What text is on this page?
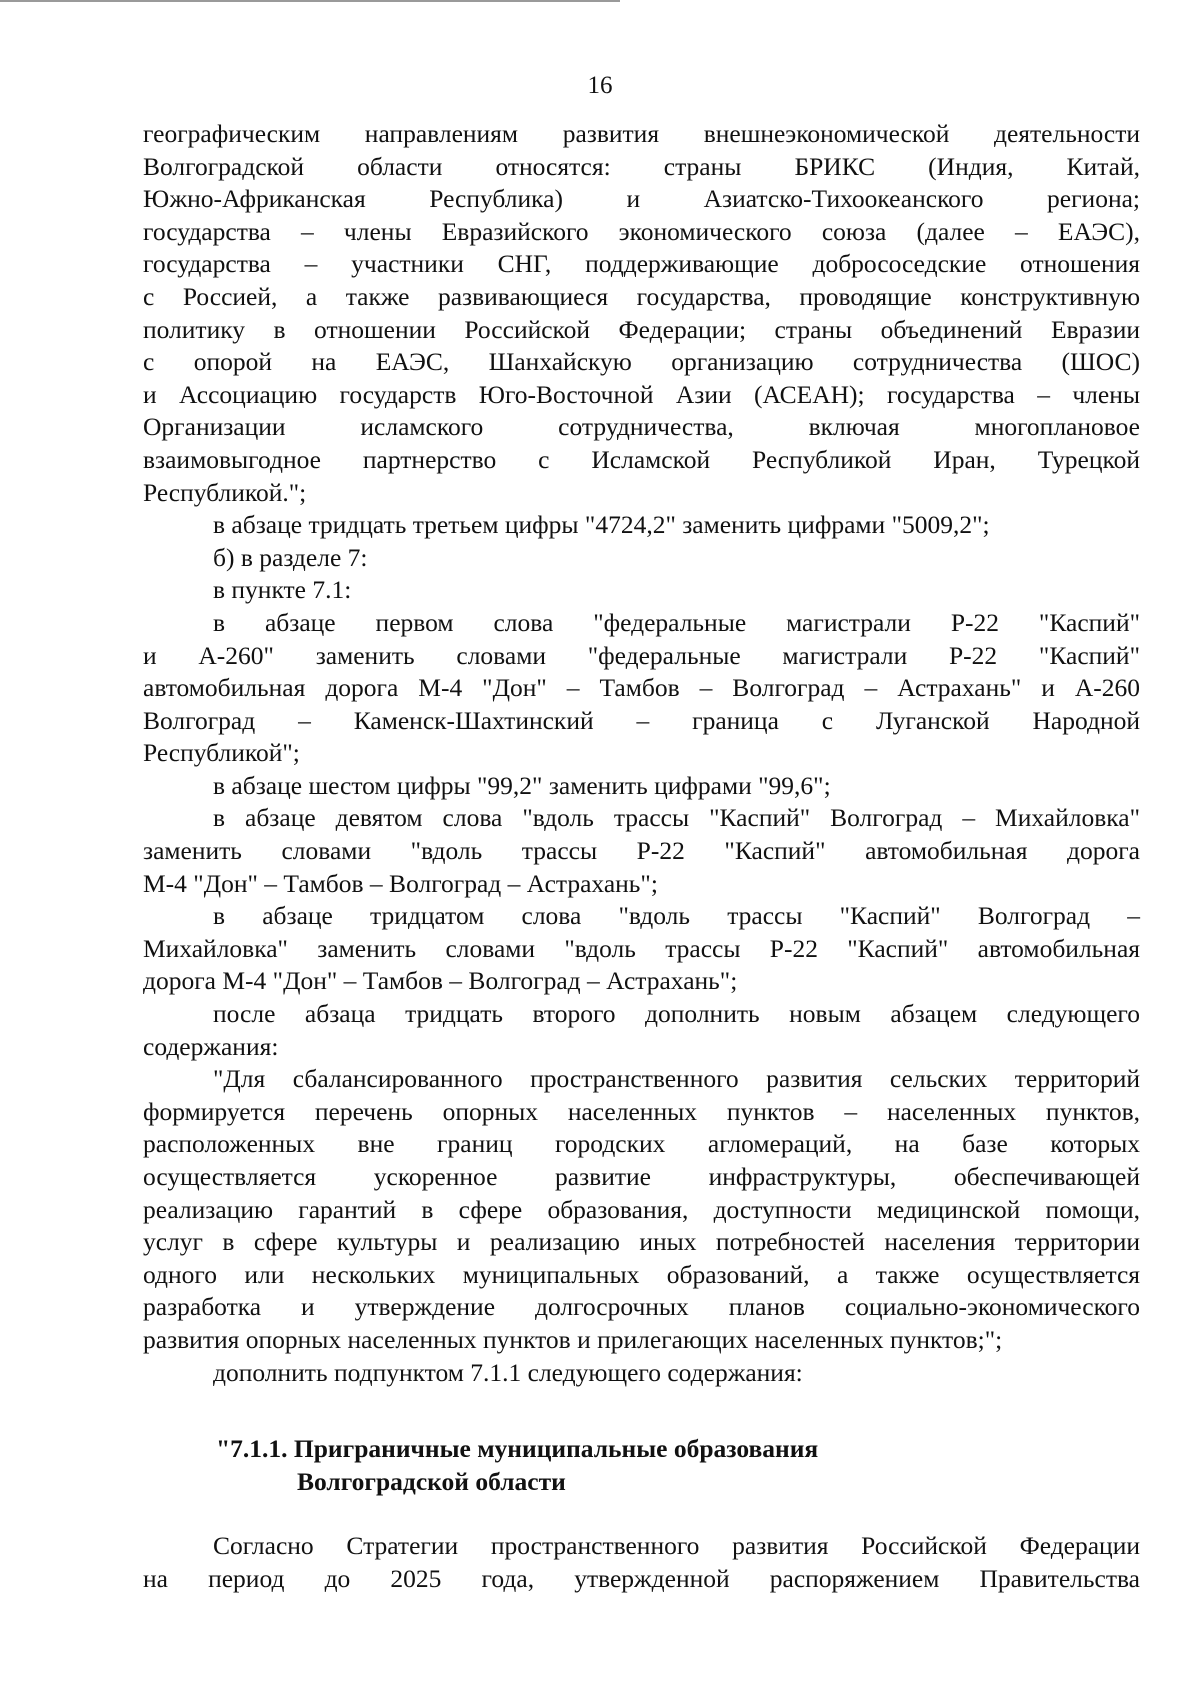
16
географическим направлениям развития внешнеэкономической деятельности
Волгоградской области относятся: страны БРИКС (Индия, Китай,
Южно-Африканская Республика) и Азиатско-Тихоокеанского региона;
государства – члены Евразийского экономического союза (далее – ЕАЭС),
государства – участники СНГ, поддерживающие добрососедские отношения
с Россией, а также развивающиеся государства, проводящие конструктивную
политику в отношении Российской Федерации; страны объединений Евразии
с опорой на ЕАЭС, Шанхайскую организацию сотрудничества (ШОС)
и Ассоциацию государств Юго-Восточной Азии (АСЕАН); государства – члены
Организации исламского сотрудничества, включая многоплановое
взаимовыгодное партнерство с Исламской Республикой Иран, Турецкой
Республикой.";
в абзаце тридцать третьем цифры "4724,2" заменить цифрами "5009,2";
б) в разделе 7:
в пункте 7.1:
в абзаце первом слова "федеральные магистрали Р-22 "Каспий"
и А-260" заменить словами "федеральные магистрали Р-22 "Каспий"
автомобильная дорога М-4 "Дон" – Тамбов – Волгоград – Астрахань" и А-260
Волгоград – Каменск-Шахтинский – граница с Луганской Народной
Республикой";
в абзаце шестом цифры "99,2" заменить цифрами "99,6";
в абзаце девятом слова "вдоль трассы "Каспий" Волгоград – Михайловка"
заменить словами "вдоль трассы Р-22 "Каспий" автомобильная дорога
М-4 "Дон" – Тамбов – Волгоград – Астрахань";
в абзаце тридцатом слова "вдоль трассы "Каспий" Волгоград –
Михайловка" заменить словами "вдоль трассы Р-22 "Каспий" автомобильная
дорога М-4 "Дон" – Тамбов – Волгоград – Астрахань";
после абзаца тридцать второго дополнить новым абзацем следующего
содержания:
"Для сбалансированного пространственного развития сельских территорий
формируется перечень опорных населенных пунктов – населенных пунктов,
расположенных вне границ городских агломераций, на базе которых
осуществляется ускоренное развитие инфраструктуры, обеспечивающей
реализацию гарантий в сфере образования, доступности медицинской помощи,
услуг в сфере культуры и реализацию иных потребностей населения территории
одного или нескольких муниципальных образований, а также осуществляется
разработка и утверждение долгосрочных планов социально-экономического
развития опорных населенных пунктов и прилегающих населенных пунктов;";
дополнить подпунктом 7.1.1 следующего содержания:
"7.1.1. Приграничные муниципальные образования
Волгоградской области
Согласно Стратегии пространственного развития Российской Федерации
на период до 2025 года, утвержденной распоряжением Правительства
